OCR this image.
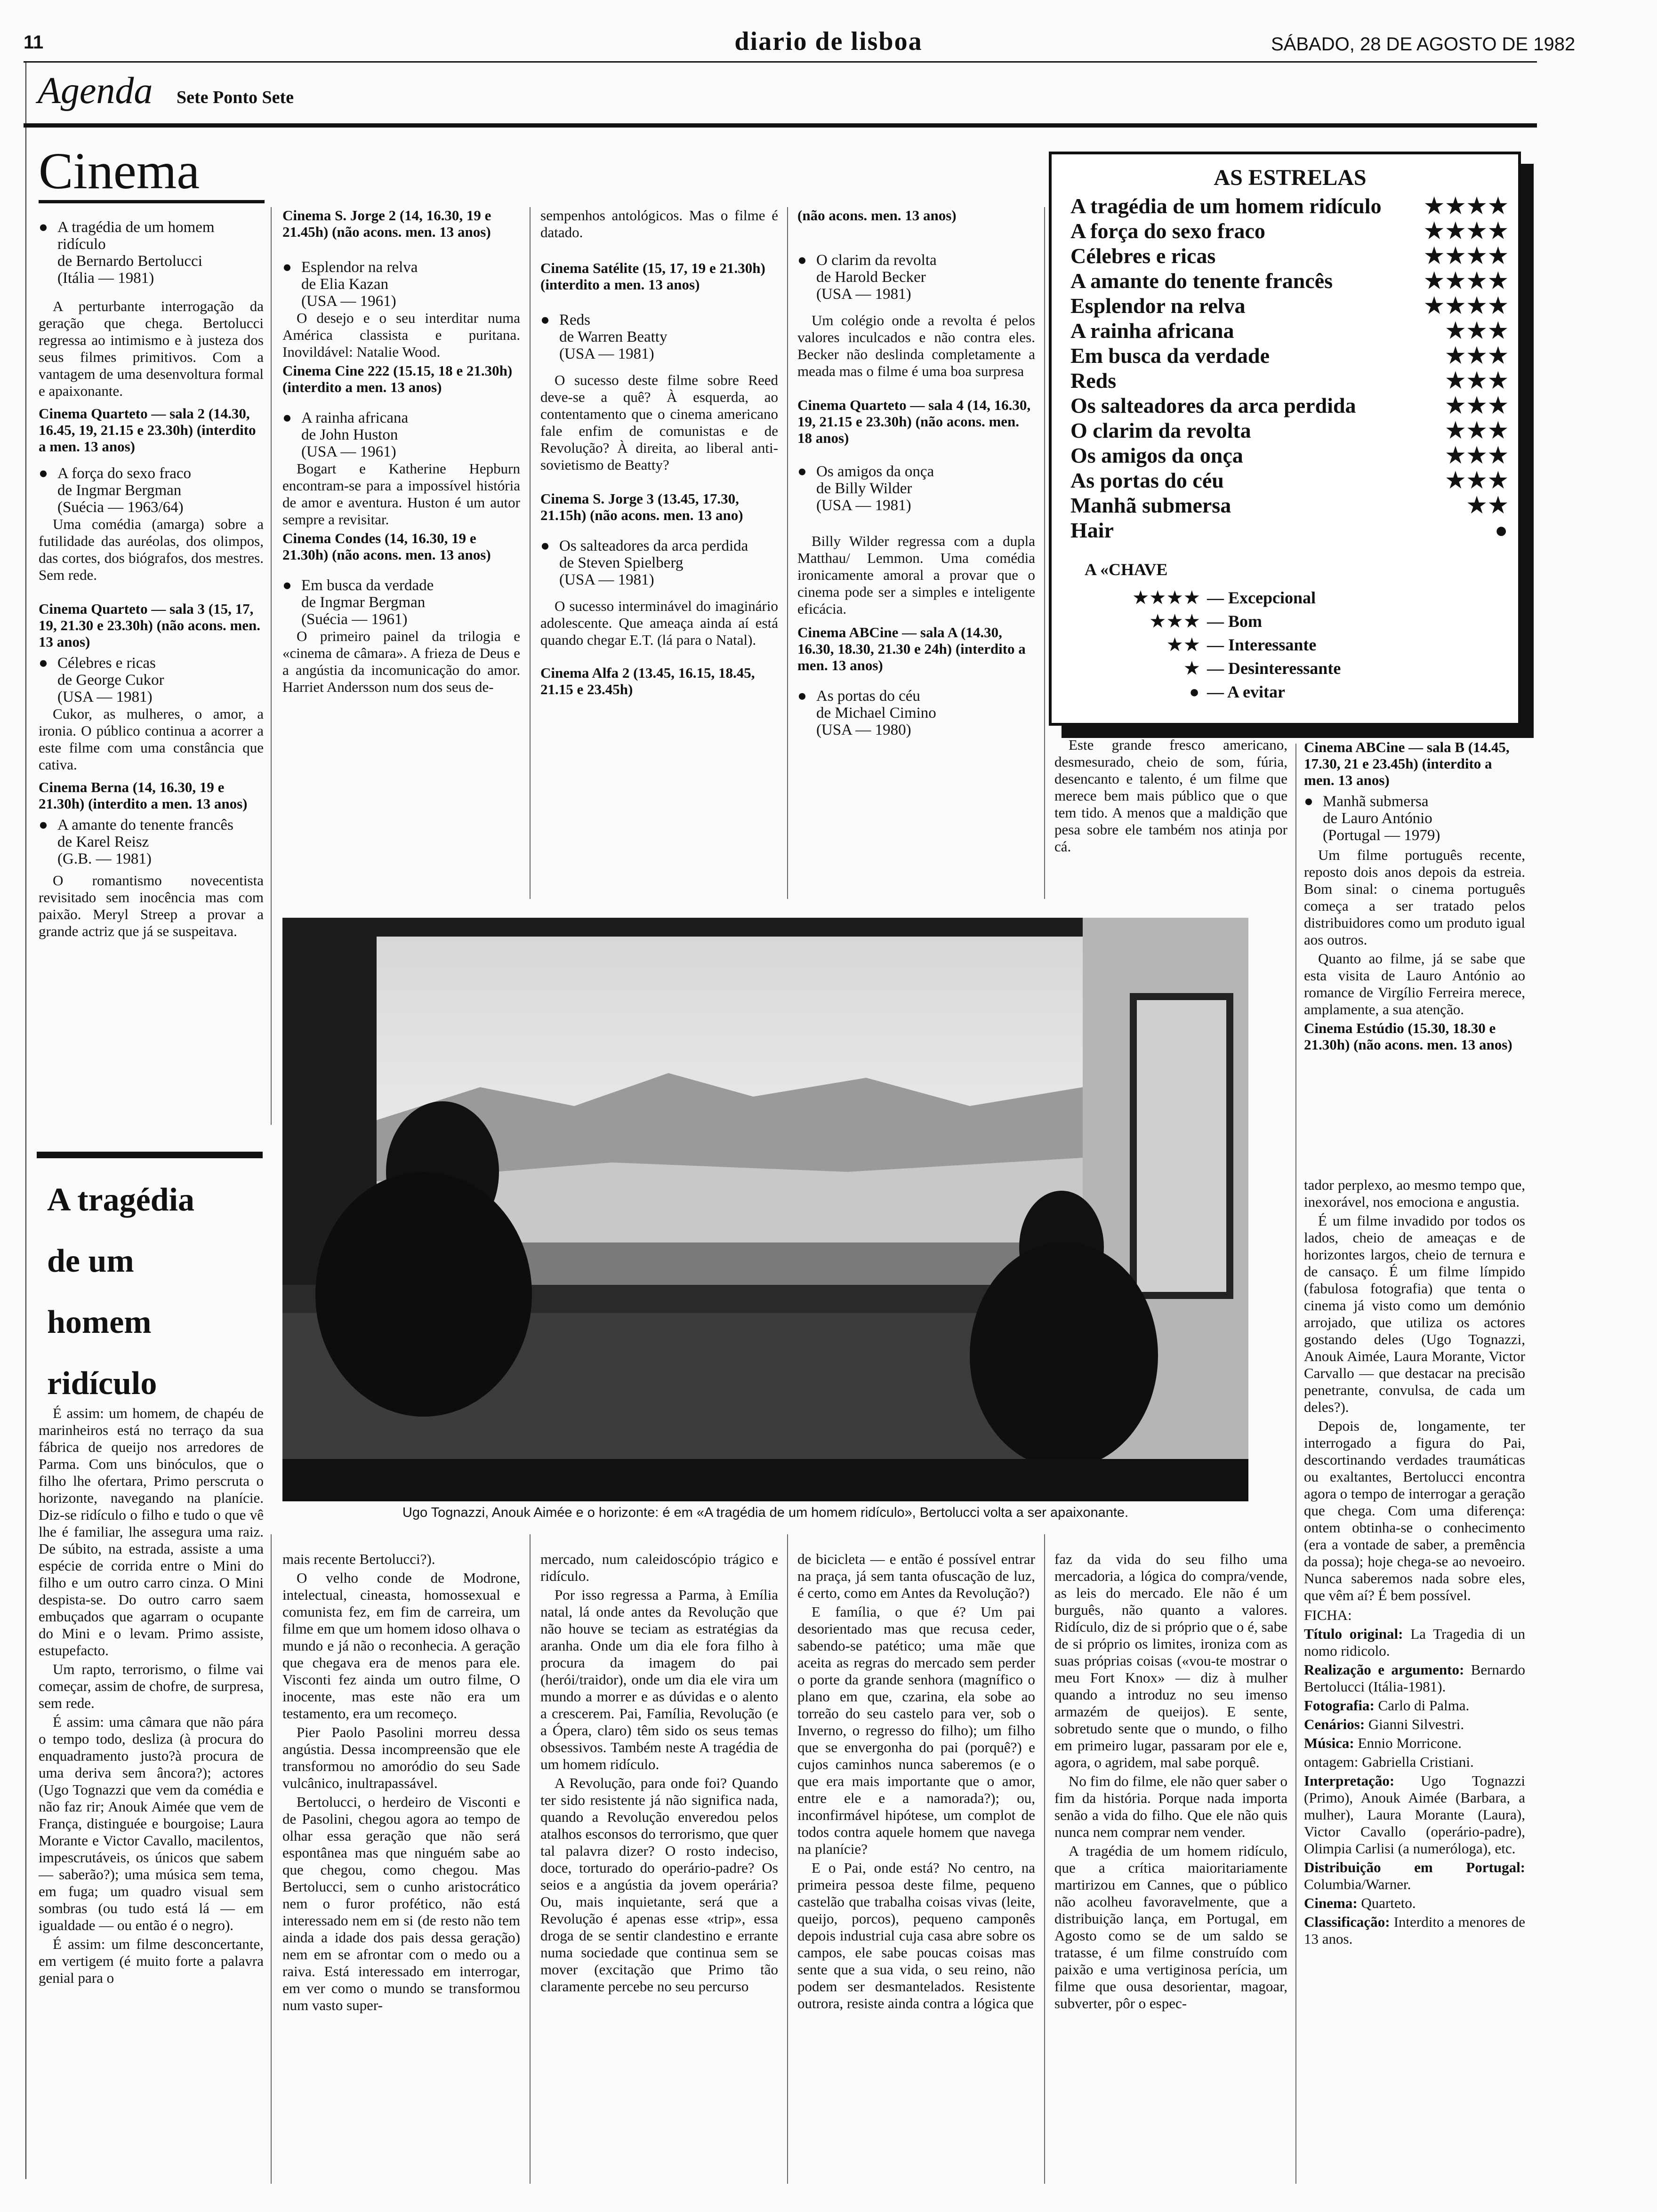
11	diario de lisboa	SÁBADO, 28 DE AGOSTO DE 1982
Agenda Sete Ponto Sete
Cinema
● A tragédia de um homem ridículo
de Bernardo Bertolucci
(Itália — 1981)

A perturbante interrogação da geração que chega. Bertolucci regressa ao intimismo e à justeza dos seus filmes primitivos. Com a vantagem de uma desenvoltura formal e apaixonante.

Cinema Quarteto — sala 2 (14.30, 16.45, 19, 21.15 e 23.30h) (interdito a men. 13 anos)
● A força do sexo fraco
de Ingmar Bergman
(Suécia — 1963/64)

Uma comédia (amarga) sobre a futilidade das auréolas, dos olimpos, das cortes, dos biógrafos, dos mestres. Sem rede.

Cinema Quarteto — sala 3 (15, 17, 19, 21.30 e 23.30h) (não acons. men. 13 anos)
● Célebres e ricas
de George Cukor
(USA — 1981)

Cukor, as mulheres, o amor, a ironia. O público continua a acorrer a este filme com uma constância que cativa.

Cinema Berna (14, 16.30, 19 e 21.30h) (interdito a men. 13 anos)
● A amante do tenente francês
de Karel Reisz
(G.B. — 1981)

O romantismo novecentista revisitado sem inocência mas com paixão. Meryl Streep a provar a grande actriz que já se suspeitava.

Cinema S. Jorge 2 (14, 16.30, 19 e 21.45h) (não acons. men. 13 anos)
● Esplendor na relva
de Elia Kazan
(USA — 1961)

O desejo e o seu interditar numa América classista e puritana. Inovildável: Natalie Wood.

Cinema Cine 222 (15.15, 18 e 21.30h) (interdito a men. 13 anos)
● A rainha africana
de John Huston
(USA — 1961)

Bogart e Katherine Hepburn encontram-se para a impossível história de amor e aventura. Huston é um autor sempre a revisitar.

Cinema Condes (14, 16.30, 19 e 21.30h) (não acons. men. 13 anos)
● Em busca da verdade
de Ingmar Bergman
(Suécia — 1961)

O primeiro painel da trilogia e «cinema de câmara». A frieza de Deus e a angústia da incomunicação do amor. Harriet Andersson num dos seus de-

sempenhos antológicos. Mas o filme é datado.

Cinema Satélite (15, 17, 19 e 21.30h) (interdito a men. 13 anos)
● Reds
de Warren Beatty
(USA — 1981)

O sucesso deste filme sobre Reed deve-se a quê? À esquerda, ao contentamento que o cinema americano fale enfim de comunistas e de Revolução? À direita, ao liberal anti-sovietismo de Beatty?

Cinema S. Jorge 3 (13.45, 17.30, 21.15h) (não acons. men. 13 ano)
● Os salteadores da arca perdida
de Steven Spielberg
(USA — 1981)

O sucesso interminável do imaginário adolescente. Que ameaça ainda aí está quando chegar E.T. (lá para o Natal).

Cinema Alfa 2 (13.45, 16.15, 18.45, 21.15 e 23.45h)
(não acons. men. 13 anos)
● O clarim da revolta
de Harold Becker
(USA — 1981)

Um colégio onde a revolta é pelos valores inculcados e não contra eles. Becker não deslinda completamente a meada mas o filme é uma boa surpresa

Cinema Quarteto — sala 4 (14, 16.30, 19, 21.15 e 23.30h) (não acons. men. 18 anos)
● Os amigos da onça
de Billy Wilder
(USA — 1981)

Billy Wilder regressa com a dupla Matthau/ Lemmon. Uma comédia ironicamente amoral a provar que o cinema pode ser a simples e inteligente eficácia.

Cinema ABCine — sala A (14.30, 16.30, 18.30, 21.30 e 24h) (interdito a men. 13 anos)
● As portas do céu
de Michael Cimino
(USA — 1980)
AS ESTRELAS
A tragédia de um homem ridículo ★★★★
A força do sexo fraco	★★★★
Célebres e ricas	★★★★
A amante do tenente francês	★★★★
Esplendor na relva	★★★★
A rainha africana	★★★
Em busca da verdade	★★★
Reds	★★★
Os salteadores da arca perdida	★★★
O clarim da revolta	★★★
Os amigos da onça	★★★
As portas do céu	★★★
Manhã submersa	★★
Hair	●
A «CHAVE
★★★★ — Excepcional
★★★ — Bom
★★ — Interessante
★ — Desinteressante
● — A evitar

Este grande fresco americano, desmesurado, cheio de som, fúria, desencanto e talento, é um filme que merece bem mais público que o que tem tido. A menos que a maldição que pesa sobre ele também nos atinja por cá.

Cinema ABCine — sala B (14.45, 17.30, 21 e 23.45h) (interdito a men. 13 anos)
● Manhã submersa
de Lauro António
(Portugal — 1979)

Um filme português recente, reposto dois anos depois da estreia. Bom sinal: o cinema português começa a ser tratado pelos distribuidores como um produto igual aos outros.

Quanto ao filme, já se sabe que esta visita de Lauro António ao romance de Virgílio Ferreira merece, amplamente, a sua atenção.

Cinema Estúdio (15.30, 18.30 e 21.30h) (não acons. men. 13 anos)
Ugo Tognazzi, Anouk Aimée e o horizonte: é em «A tragédia de um homem ridículo», Bertolucci volta a ser apaixonante.
A tragédia
de um
homem
ridículo

É assim: um homem, de chapéu de marinheiros está no terraço da sua fábrica de queijo nos arredores de Parma. Com uns binóculos, que o filho lhe ofertara, Primo perscruta o horizonte, navegando na planície. Diz-se ridículo o filho e tudo o que vê lhe é familiar, lhe assegura uma raiz. De súbito, na estrada, assiste a uma espécie de corrida entre o Mini do filho e um outro carro cinza. O Mini despista-se. Do outro carro saem embuçados que agarram o ocupante do Mini e o levam. Primo assiste, estupefacto.

Um rapto, terrorismo, o filme vai começar, assim de chofre, de surpresa, sem rede.

É assim: uma câmara que não pára o tempo todo, desliza (à procura do enquadramento justo?à procura de uma deriva sem âncora?); actores (Ugo Tognazzi que vem da comédia e não faz rir; Anouk Aimée que vem de França, distinguée e bourgoise; Laura Morante e Victor Cavallo, macilentos, impescrutáveis, os únicos que sabem — saberão?); uma música sem tema, em fuga; um quadro visual sem sombras (ou tudo está lá — em igualdade — ou então é o negro).

É assim: um filme desconcertante, em vertigem (é muito forte a palavra genial para o

mais recente Bertolucci?).

O velho conde de Modrone, intelectual, cineasta, homossexual e comunista fez, em fim de carreira, um filme em que um homem idoso olhava o mundo e já não o reconhecia. A geração que chegava era de menos para ele. Visconti fez ainda um outro filme, O inocente, mas este não era um testamento, era um recomeço.

Pier Paolo Pasolini morreu dessa angústia. Dessa incompreensão que ele transformou no amoródio do seu Sade vulcânico, inultrapassável.

Bertolucci, o herdeiro de Visconti e de Pasolini, chegou agora ao tempo de olhar essa geração que não será espontânea mas que ninguém sabe ao que chegou, como chegou. Mas Bertolucci, sem o cunho aristocrático nem o furor profético, não está interessado nem em si (de resto não tem ainda a idade dos pais dessa geração) nem em se afrontar com o medo ou a raiva. Está interessado em interrogar, em ver como o mundo se transformou num vasto super-

mercado, num caleidoscópio trágico e ridículo.

Por isso regressa a Parma, à Emília natal, lá onde antes da Revolução que não houve se teciam as estratégias da aranha. Onde um dia ele fora filho à procura da imagem do pai (herói/traidor), onde um dia ele vira um mundo a morrer e as dúvidas e o alento a crescerem. Pai, Família, Revolução (e a Ópera, claro) têm sido os seus temas obsessivos. Também neste A tragédia de um homem ridículo.

A Revolução, para onde foi? Quando ter sido resistente já não significa nada, quando a Revolução enveredou pelos atalhos esconsos do terrorismo, que quer tal palavra dizer? O rosto indeciso, doce, torturado do operário-padre? Os seios e a angústia da jovem operária? Ou, mais inquietante, será que a Revolução é apenas esse «trip», essa droga de se sentir clandestino e errante numa sociedade que continua sem se mover (excitação que Primo tão claramente percebe no seu percurso

de bicicleta — e então é possível entrar na praça, já sem tanta ofuscação de luz, é certo, como em Antes da Revolução?)

E família, o que é? Um pai desorientado mas que recusa ceder, sabendo-se patético; uma mãe que aceita as regras do mercado sem perder o porte da grande senhora (magnífico o plano em que, czarina, ela sobe ao torreão do seu castelo para ver, sob o Inverno, o regresso do filho); um filho que se envergonha do pai (porquê?) e cujos caminhos nunca saberemos (e o que era mais importante que o amor, entre ele e a namorada?); ou, inconfirmável hipótese, um complot de todos contra aquele homem que navega na planície?

E o Pai, onde está? No centro, na primeira pessoa deste filme, pequeno castelão que trabalha coisas vivas (leite, queijo, porcos), pequeno camponês depois industrial cuja casa abre sobre os campos, ele sabe poucas coisas mas sente que a sua vida, o seu reino, não podem ser desmantelados. Resistente outrora, resiste ainda contra a lógica que

faz da vida do seu filho uma mercadoria, a lógica do compra/vende, as leis do mercado. Ele não é um burguês, não quanto a valores. Ridículo, diz de si próprio que o é, sabe de si próprio os limites, ironiza com as suas próprias coisas («vou-te mostrar o meu Fort Knox» — diz à mulher quando a introduz no seu imenso armazém de queijos). E sente, sobretudo sente que o mundo, o filho em primeiro lugar, passaram por ele e, agora, o agridem, mal sabe porquê.

No fim do filme, ele não quer saber o fim da história. Porque nada importa senão a vida do filho. Que ele não quis nunca nem comprar nem vender.

A tragédia de um homem ridículo, que a crítica maioritariamente martirizou em Cannes, que o público não acolheu favoravelmente, que a distribuição lança, em Portugal, em Agosto como se de um saldo se tratasse, é um filme construído com paixão e uma vertiginosa perícia, um filme que ousa desorientar, magoar, subverter, pôr o espec-

tador perplexo, ao mesmo tempo que, inexorável, nos emociona e angustia.

É um filme invadido por todos os lados, cheio de ameaças e de horizontes largos, cheio de ternura e de cansaço. É um filme límpido (fabulosa fotografia) que tenta o cinema já visto como um demónio arrojado, que utiliza os actores gostando deles (Ugo Tognazzi, Anouk Aimée, Laura Morante, Victor Carvallo — que destacar na precisão penetrante, convulsa, de cada um deles?).

Depois de, longamente, ter interrogado a figura do Pai, descortinando verdades traumáticas ou exaltantes, Bertolucci encontra agora o tempo de interrogar a geração que chega. Com uma diferença: ontem obtinha-se o conhecimento (era a vontade de saber, a premência da possa); hoje chega-se ao nevoeiro. Nunca saberemos nada sobre eles, que vêm aí? É bem possível.

FICHA:

Título original: La Tragedia di un nomo ridicolo.

Realização e argumento: Bernardo Bertolucci (Itália-1981).

Fotografia: Carlo di Palma.

Cenários: Gianni Silvestri.

Música: Ennio Morricone.

ontagem: Gabriella Cristiani.

Interpretação: Ugo Tognazzi (Primo), Anouk Aimée (Barbara, a mulher), Laura Morante (Laura), Victor Cavallo (operário-padre), Olimpia Carlisi (a numeróloga), etc.

Distribuição em Portugal: Columbia/Warner.

Cinema: Quarteto.

Classificação: Interdito a menores de 13 anos.
